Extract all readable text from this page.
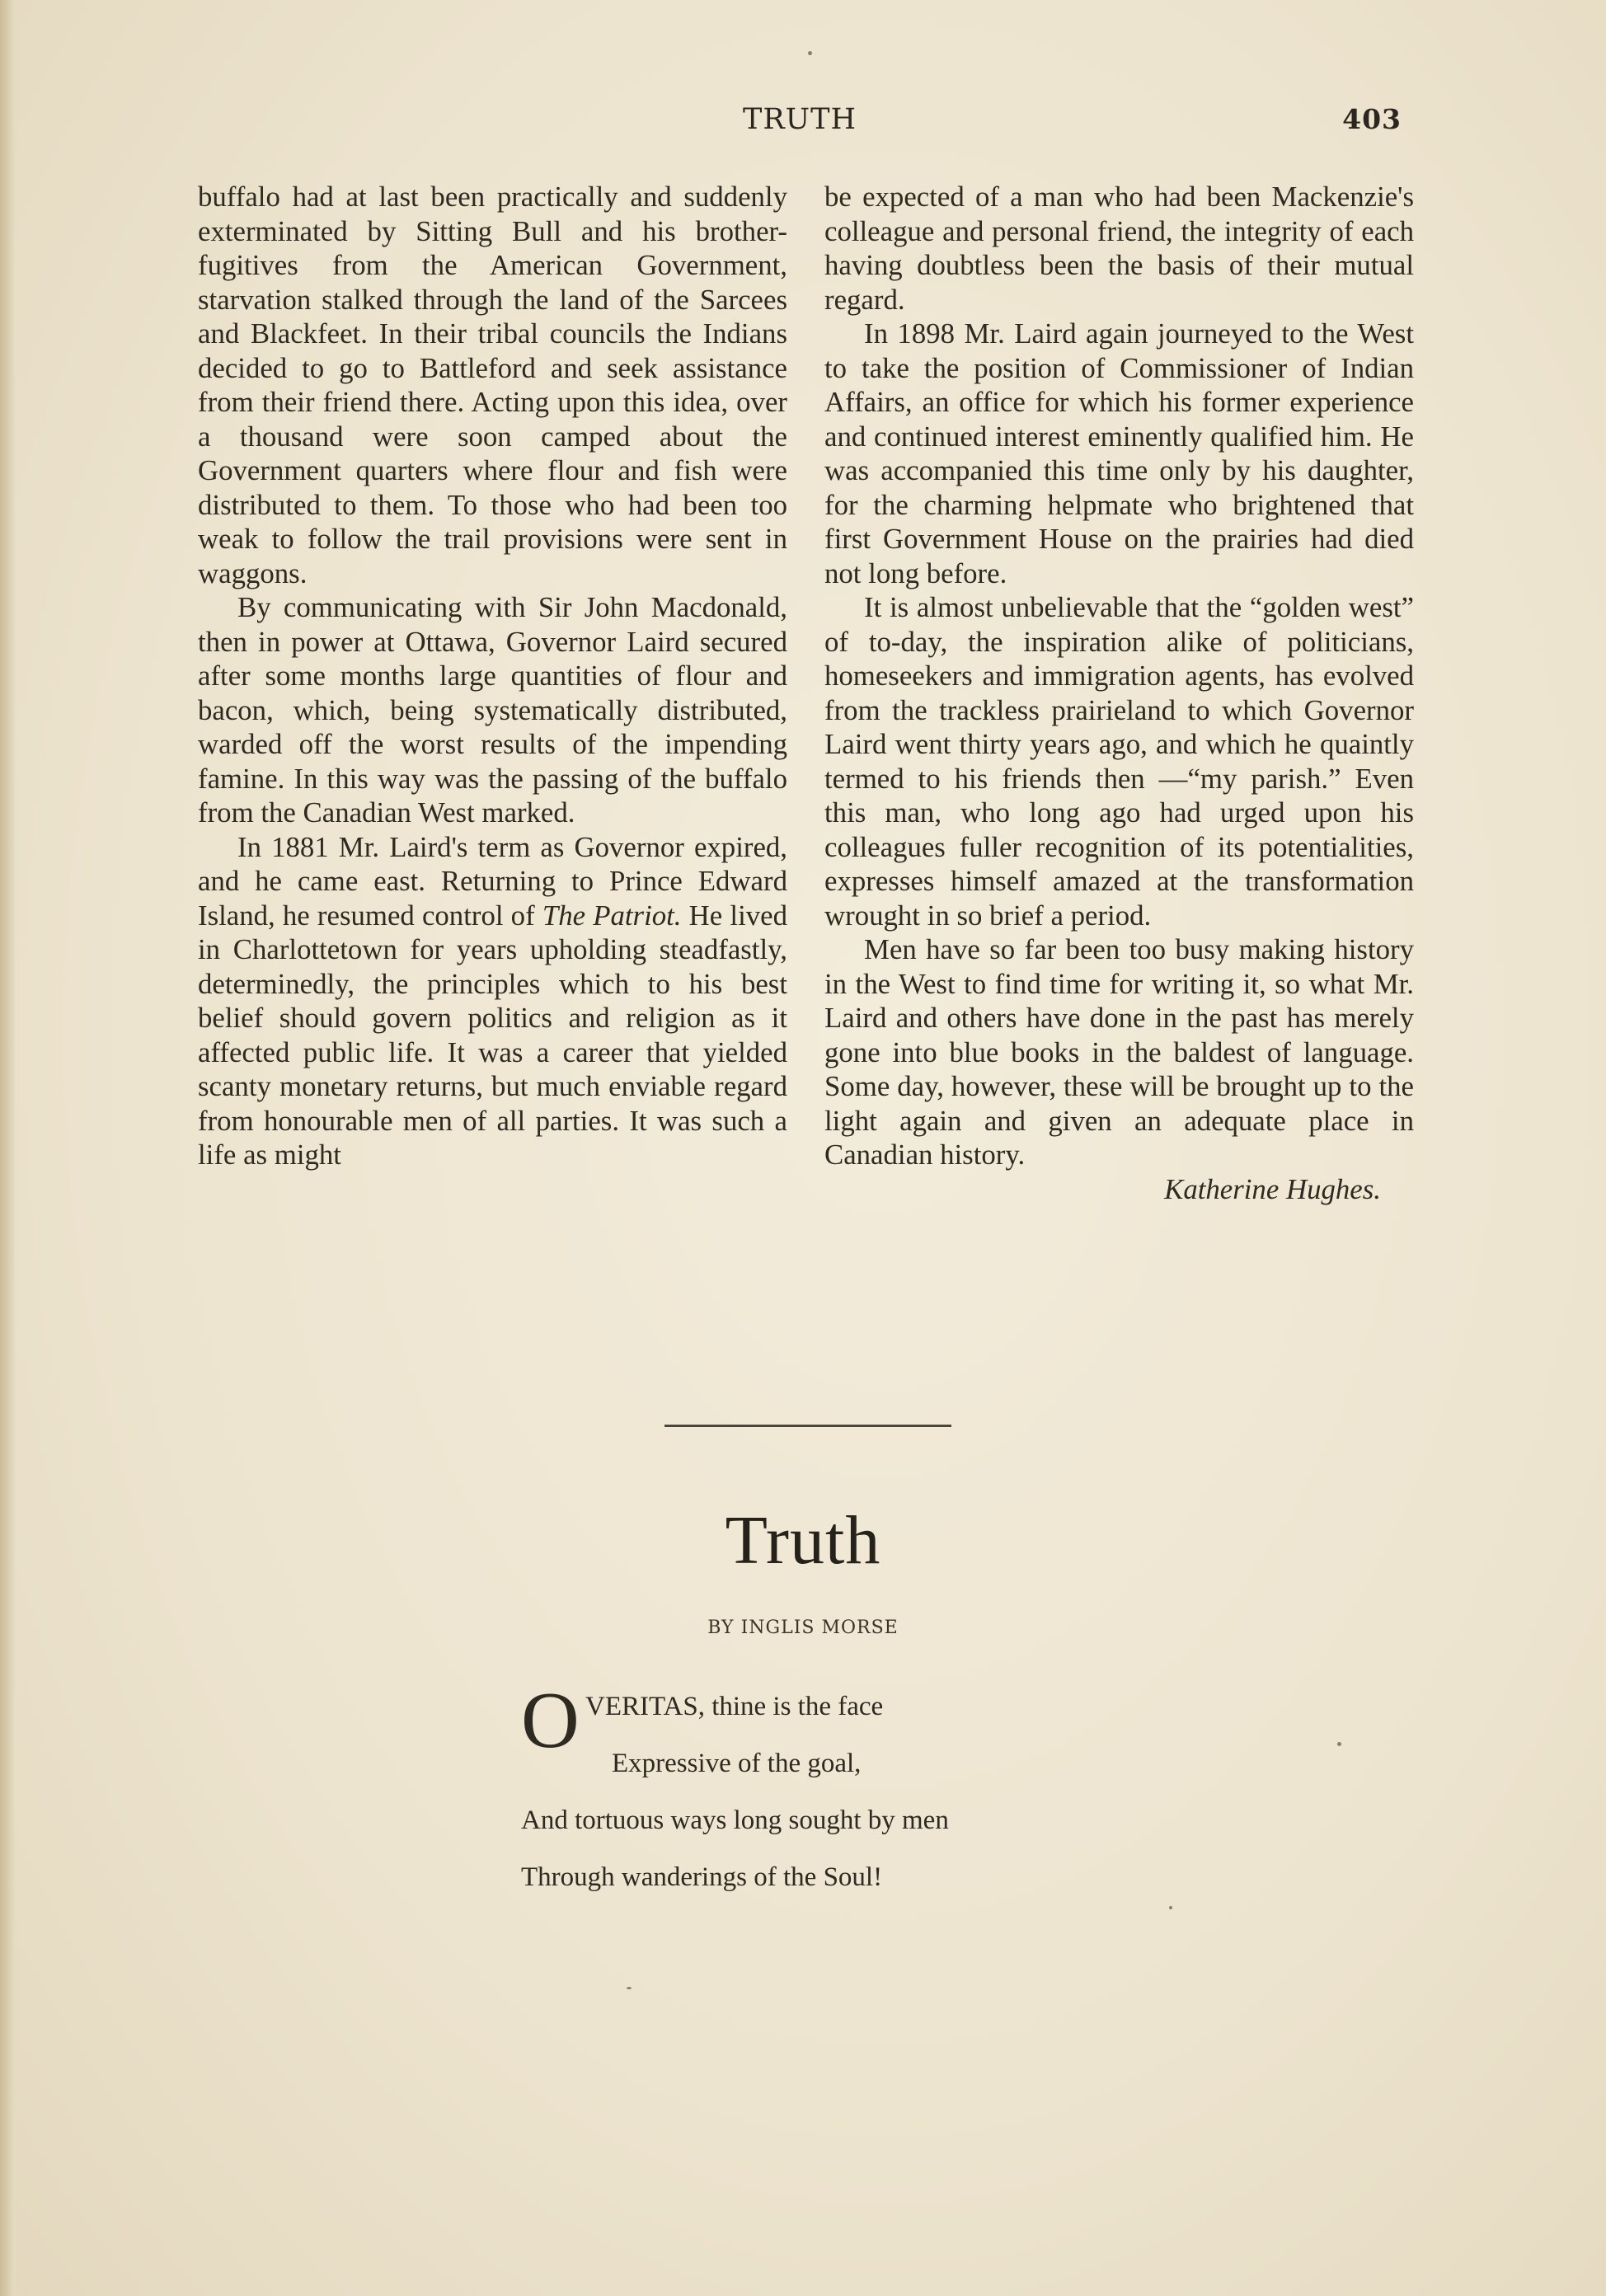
TRUTH	403

buffalo had at last been practically and suddenly exterminated by Sitting Bull and his brother-fugitives from the American Government, starvation stalked through the land of the Sarcees and Blackfeet. In their tribal councils the Indians decided to go to Battleford and seek assistance from their friend there. Acting upon this idea, over a thousand were soon camped about the Government quarters where flour and fish were distributed to them. To those who had been too weak to follow the trail provisions were sent in waggons.

By communicating with Sir John Macdonald, then in power at Ottawa, Governor Laird secured after some months large quantities of flour and bacon, which, being systematically distributed, warded off the worst results of the impending famine. In this way was the passing of the buffalo from the Canadian West marked.

In 1881 Mr. Laird's term as Governor expired, and he came east. Returning to Prince Edward Island, he resumed control of The Patriot. He lived in Charlottetown for years upholding steadfastly, determinedly, the principles which to his best belief should govern politics and religion as it affected public life. It was a career that yielded scanty monetary returns, but much enviable regard from honourable men of all parties. It was such a life as might

be expected of a man who had been Mackenzie's colleague and personal friend, the integrity of each having doubtless been the basis of their mutual regard.

In 1898 Mr. Laird again journeyed to the West to take the position of Commissioner of Indian Affairs, an office for which his former experience and continued interest eminently qualified him. He was accompanied this time only by his daughter, for the charming helpmate who brightened that first Government House on the prairies had died not long before.

It is almost unbelievable that the “golden west” of to-day, the inspiration alike of politicians, homeseekers and immigration agents, has evolved from the trackless prairieland to which Governor Laird went thirty years ago, and which he quaintly termed to his friends then —“my parish.” Even this man, who long ago had urged upon his colleagues fuller recognition of its potentialities, expresses himself amazed at the transformation wrought in so brief a period.

Men have so far been too busy making history in the West to find time for writing it, so what Mr. Laird and others have done in the past has merely gone into blue books in the baldest of language. Some day, however, these will be brought up to the light again and given an adequate place in Canadian history.

Katherine Hughes.

Truth
BY INGLIS MORSE
O VERITAS, thine is the face
Expressive of the goal,
And tortuous ways long sought by men
Through wanderings of the Soul!
